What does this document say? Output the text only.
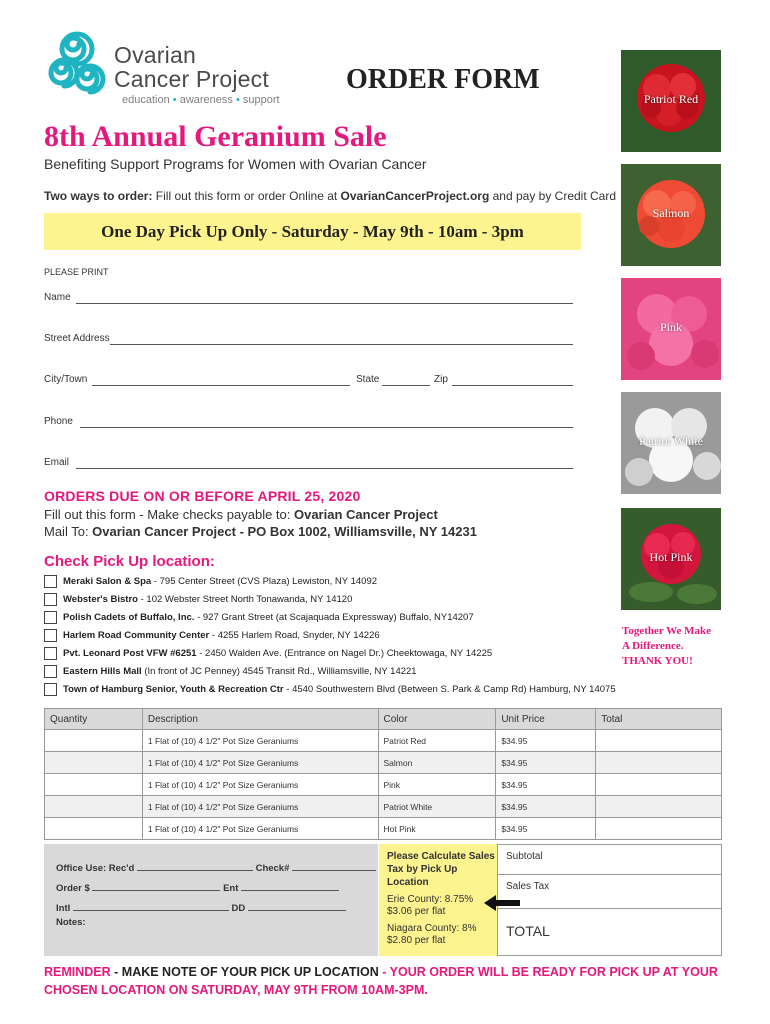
Ovarian
Cancer Project
education • awareness • support
ORDER FORM
8th Annual Geranium Sale
Benefiting Support Programs for Women with Ovarian Cancer
Two ways to order: Fill out this form or order Online at OvarianCancerProject.org and pay by Credit Card
One Day Pick Up Only - Saturday - May 9th - 10am - 3pm
PLEASE PRINT
Name
Street Address
City/Town	State	Zip
Phone
Email
ORDERS DUE ON OR BEFORE APRIL 25, 2020
Fill out this form - Make checks payable to: Ovarian Cancer Project
Mail To: Ovarian Cancer Project - PO Box 1002, Williamsville, NY 14231
Check Pick Up location:
Meraki Salon & Spa - 795 Center Street (CVS Plaza) Lewiston, NY 14092
Webster's Bistro - 102 Webster Street North Tonawanda, NY 14120
Polish Cadets of Buffalo, Inc. - 927 Grant Street (at Scajaquada Expressway) Buffalo, NY14207
Harlem Road Community Center - 4255 Harlem Road, Snyder, NY 14226
Pvt. Leonard Post VFW #6251 - 2450 Walden Ave. (Entrance on Nagel Dr.) Cheektowaga, NY 14225
Eastern Hills Mall (In front of JC Penney) 4545 Transit Rd., Williamsville, NY 14221
Town of Hamburg Senior, Youth & Recreation Ctr - 4540 Southwestern Blvd (Between S. Park & Camp Rd) Hamburg, NY 14075
Patriot Red
Salmon
Pink
Patriot White
Hot Pink
Together We Make
A Difference.
THANK YOU!
Quantity	Description	Color	Unit Price	Total
	1 Flat of (10) 4 1/2" Pot Size Geraniums	Patriot Red	$34.95	
	1 Flat of (10) 4 1/2" Pot Size Geraniums	Salmon	$34.95	
	1 Flat of (10) 4 1/2" Pot Size Geraniums	Pink	$34.95	
	1 Flat of (10) 4 1/2" Pot Size Geraniums	Patriot White	$34.95	
	1 Flat of (10) 4 1/2" Pot Size Geraniums	Hot Pink	$34.95	
Office Use: Rec'd	Check#
Order $	Ent
Intl	DD
Notes:
Please Calculate Sales
Tax by Pick Up Location
Erie County: 8.75%
$3.06 per flat
Niagara County: 8%
$2.80 per flat
Subtotal
Sales Tax
TOTAL
REMINDER - MAKE NOTE OF YOUR PICK UP LOCATION - YOUR ORDER WILL BE READY FOR PICK UP AT YOUR CHOSEN LOCATION ON SATURDAY, MAY 9TH FROM 10AM-3PM.
